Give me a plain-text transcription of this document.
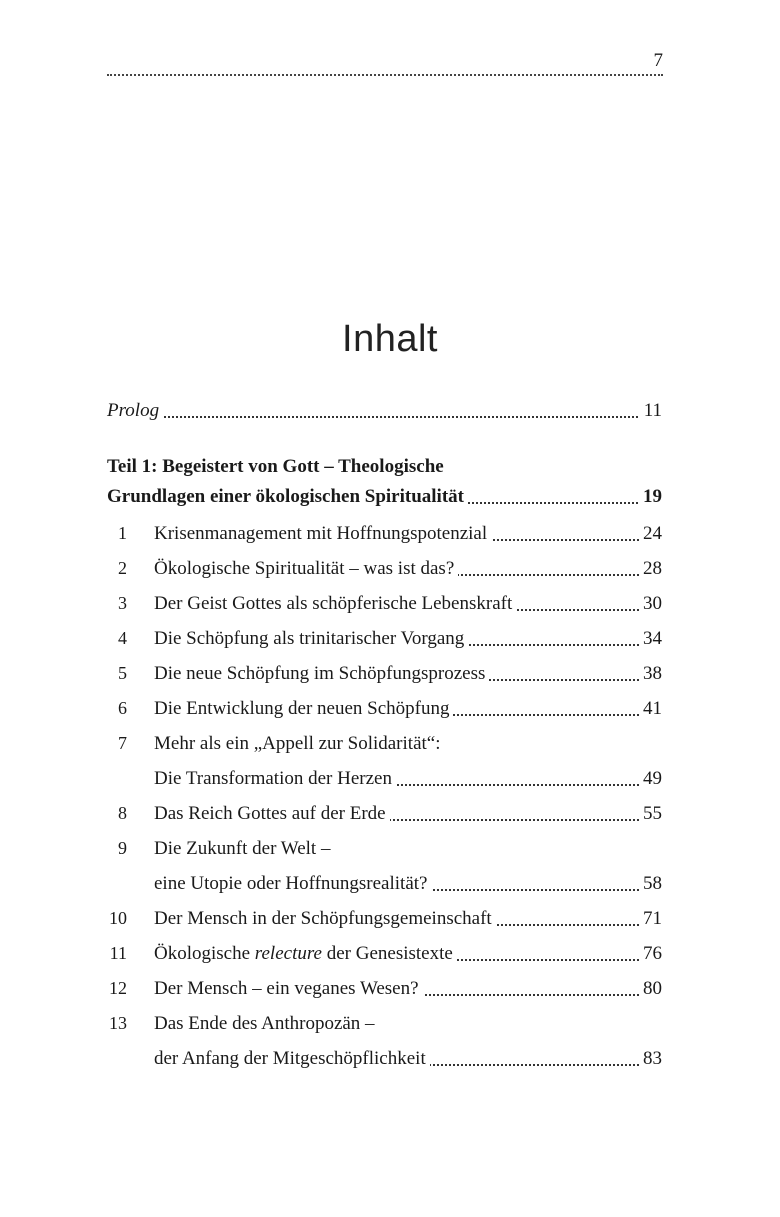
7
Inhalt
Prolog	11
Teil 1: Begeistert von Gott – Theologische
Grundlagen einer ökologischen Spiritualität	19
1 Krisenmanagement mit Hoffnungspotenzial	24
2 Ökologische Spiritualität – was ist das?	28
3 Der Geist Gottes als schöpferische Lebenskraft	30
4 Die Schöpfung als trinitarischer Vorgang	34
5 Die neue Schöpfung im Schöpfungsprozess	38
6 Die Entwicklung der neuen Schöpfung	41
7 Mehr als ein „Appell zur Solidarität“:
Die Transformation der Herzen	49
8 Das Reich Gottes auf der Erde	55
9 Die Zukunft der Welt –
eine Utopie oder Hoffnungsrealität?	58
10 Der Mensch in der Schöpfungsgemeinschaft	71
11 Ökologische relecture der Genesistexte	76
12 Der Mensch – ein veganes Wesen?	80
13 Das Ende des Anthropozän –
der Anfang der Mitgeschöpflichkeit	83
